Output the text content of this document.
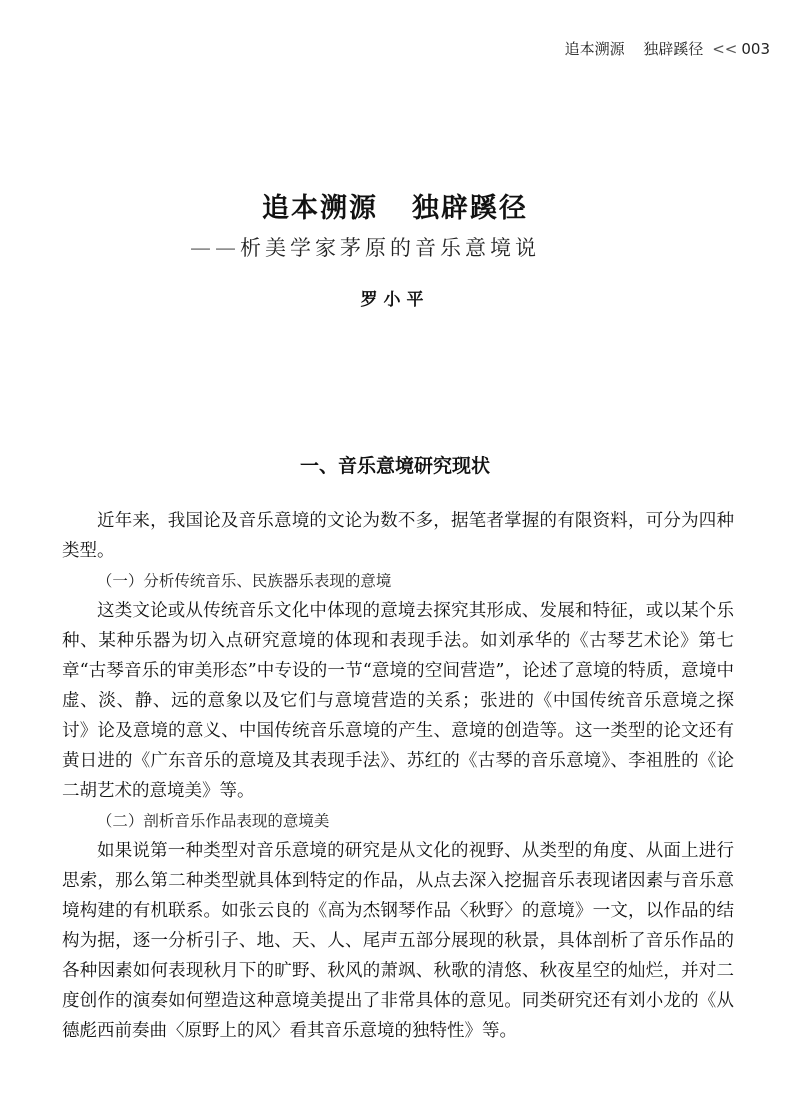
追本溯源 独辟蹊径 << 003
追本溯源 独辟蹊径
——析美学家茅原的音乐意境说
罗小平
一、音乐意境研究现状

近年来，我国论及音乐意境的文论为数不多，据笔者掌握的有限资料，可分为四种类型。

（一）分析传统音乐、民族器乐表现的意境

这类文论或从传统音乐文化中体现的意境去探究其形成、发展和特征，或以某个乐种、某种乐器为切入点研究意境的体现和表现手法。如刘承华的《古琴艺术论》第七章“古琴音乐的审美形态”中专设的一节“意境的空间营造”，论述了意境的特质，意境中虚、淡、静、远的意象以及它们与意境营造的关系；张进的《中国传统音乐意境之探讨》论及意境的意义、中国传统音乐意境的产生、意境的创造等。这一类型的论文还有黄日进的《广东音乐的意境及其表现手法》、苏红的《古琴的音乐意境》、李祖胜的《论二胡艺术的意境美》等。

（二）剖析音乐作品表现的意境美

如果说第一种类型对音乐意境的研究是从文化的视野、从类型的角度、从面上进行思索，那么第二种类型就具体到特定的作品，从点去深入挖掘音乐表现诸因素与音乐意境构建的有机联系。如张云良的《高为杰钢琴作品〈秋野〉的意境》一文，以作品的结构为据，逐一分析引子、地、天、人、尾声五部分展现的秋景，具体剖析了音乐作品的各种因素如何表现秋月下的旷野、秋风的萧飒、秋歌的清悠、秋夜星空的灿烂，并对二度创作的演奏如何塑造这种意境美提出了非常具体的意见。同类研究还有刘小龙的《从德彪西前奏曲〈原野上的风〉看其音乐意境的独特性》等。
